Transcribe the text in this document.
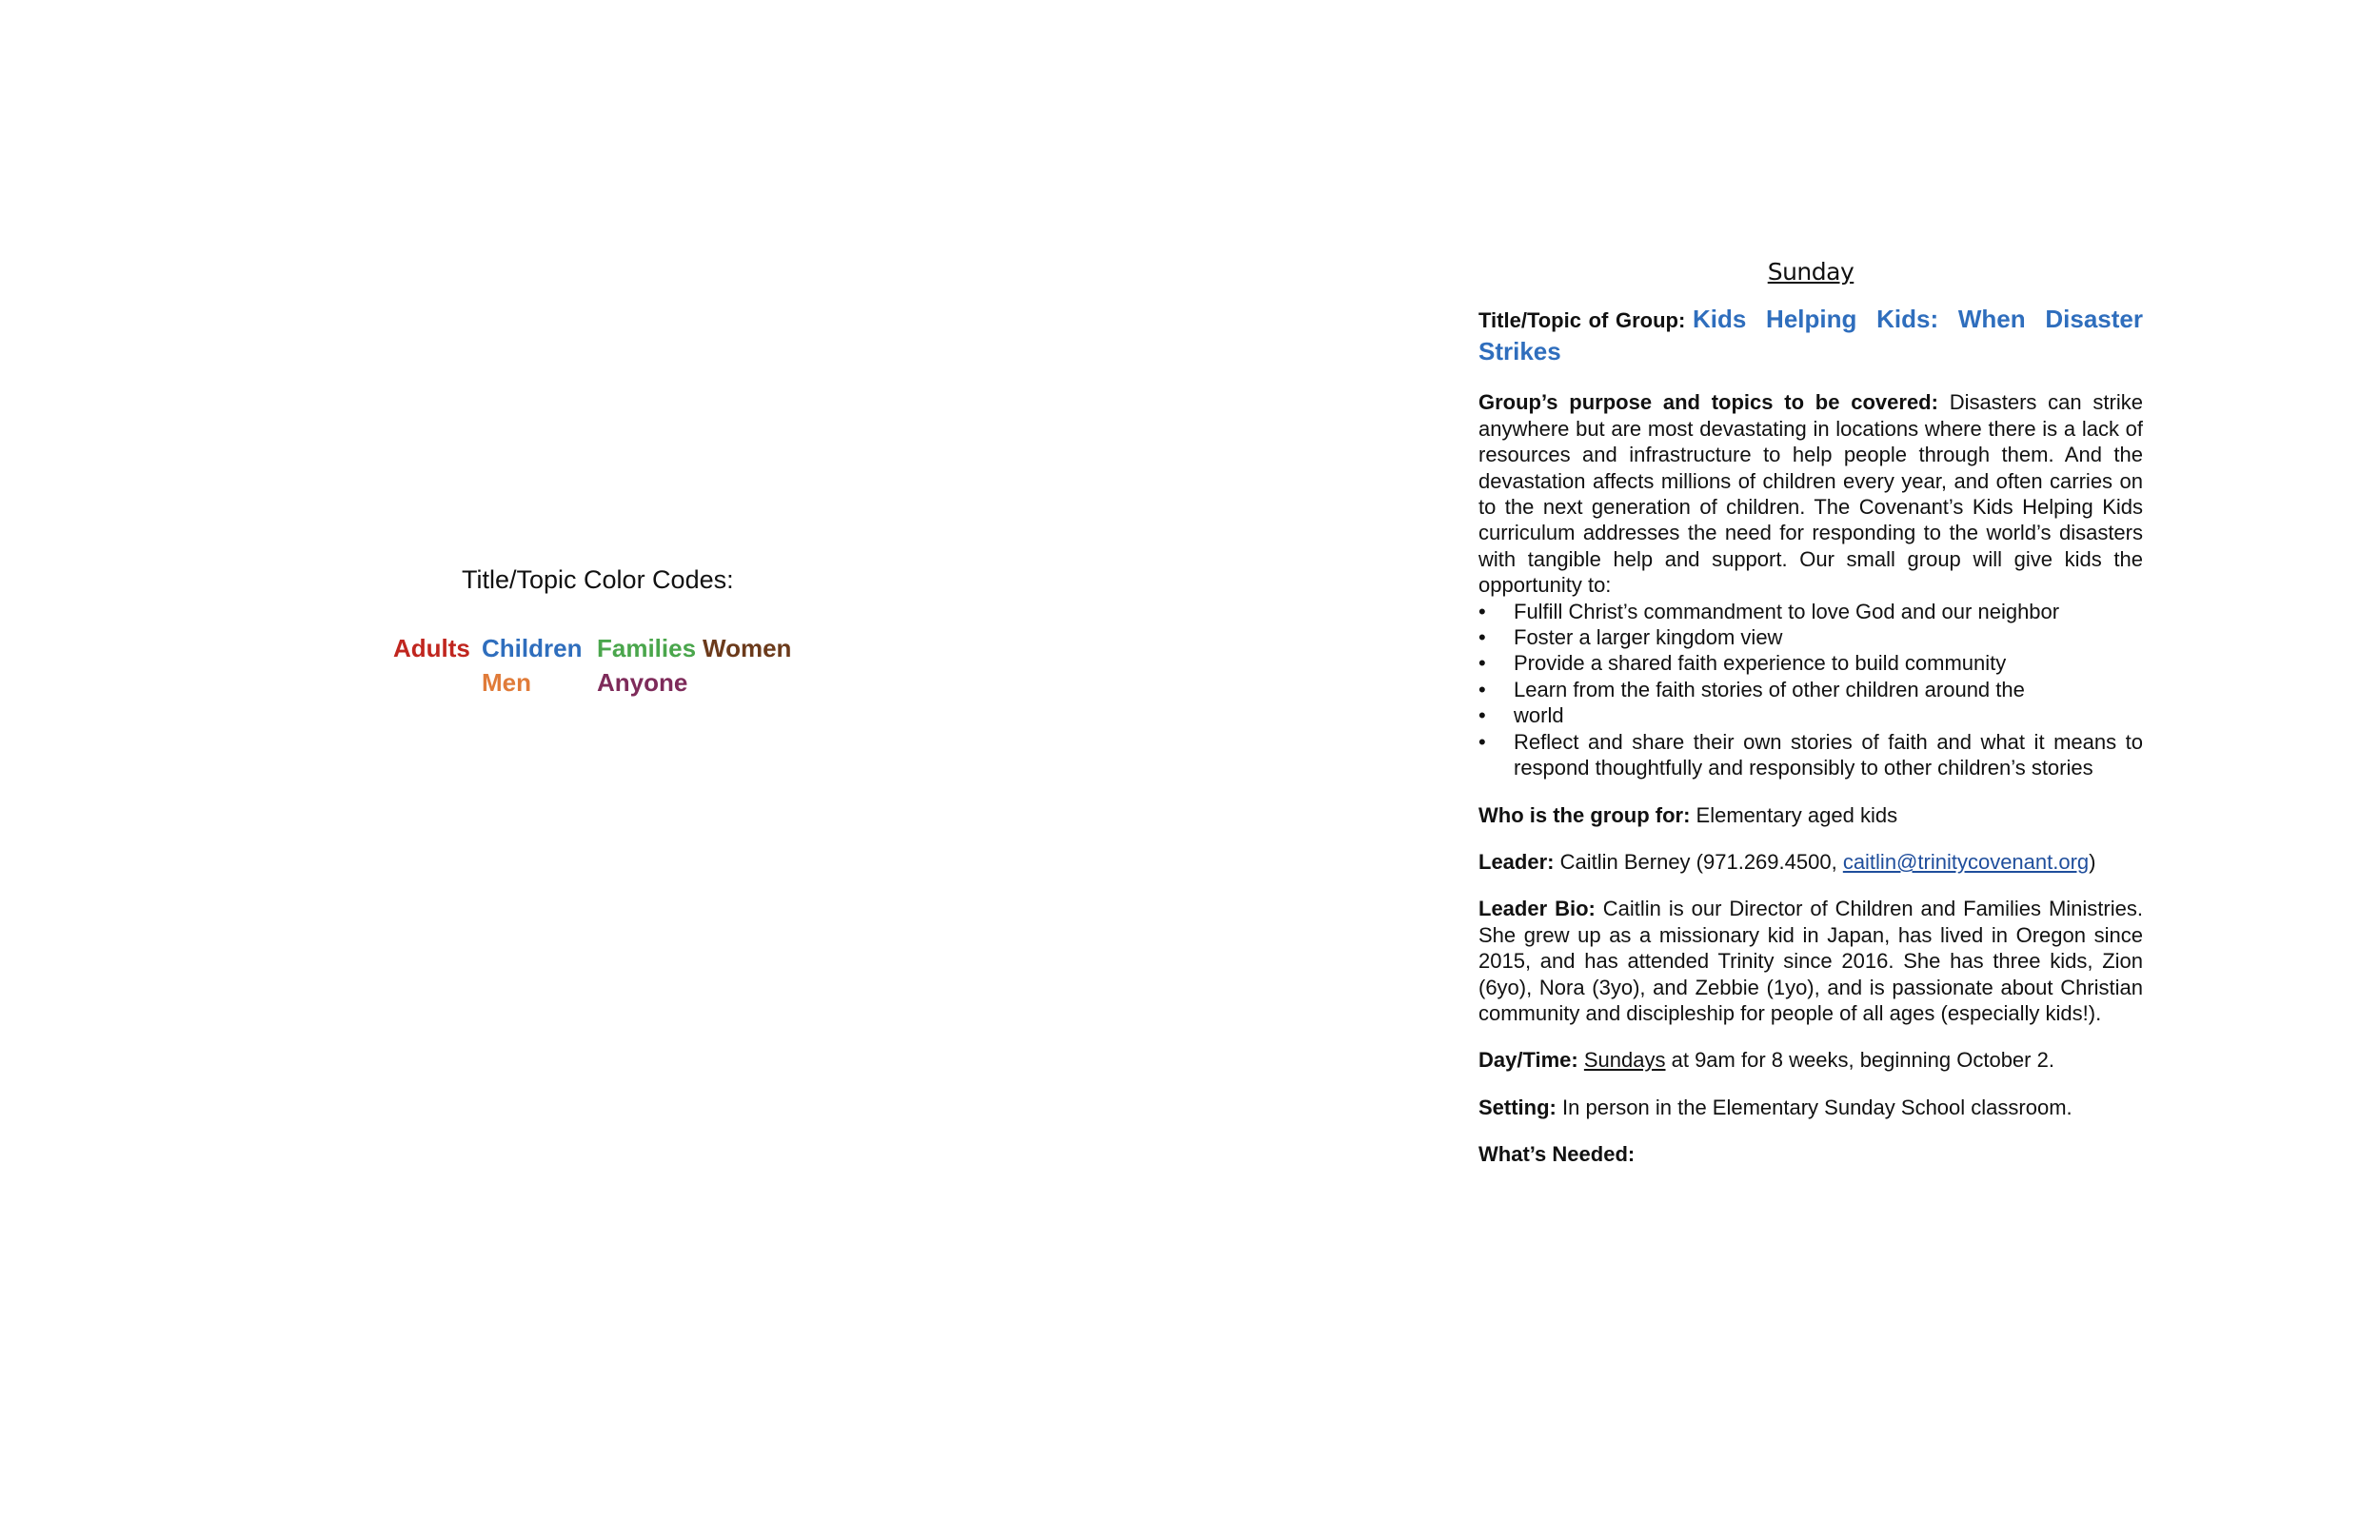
Title/Topic Color Codes:
Adults Children Families Women
Men	Anyone
Sunday
Title/Topic of Group: Kids Helping Kids: When Disaster Strikes
Group’s purpose and topics to be covered: Disasters can strike anywhere but are most devastating in locations where there is a lack of resources and infrastructure to help people through them. And the devastation affects millions of children every year, and often carries on to the next generation of children. The Covenant’s Kids Helping Kids curriculum addresses the need for responding to the world’s disasters with tangible help and support. Our small group will give kids the opportunity to:
• Fulfill Christ’s commandment to love God and our neighbor
• Foster a larger kingdom view
• Provide a shared faith experience to build community
• Learn from the faith stories of other children around the
• world
• Reflect and share their own stories of faith and what it means to respond thoughtfully and responsibly to other children’s stories
Who is the group for: Elementary aged kids
Leader: Caitlin Berney (971.269.4500, caitlin@trinitycovenant.org)
Leader Bio: Caitlin is our Director of Children and Families Ministries. She grew up as a missionary kid in Japan, has lived in Oregon since 2015, and has attended Trinity since 2016. She has three kids, Zion (6yo), Nora (3yo), and Zebbie (1yo), and is passionate about Christian community and discipleship for people of all ages (especially kids!).
Day/Time: Sundays at 9am for 8 weeks, beginning October 2.
Setting: In person in the Elementary Sunday School classroom.
What’s Needed:
